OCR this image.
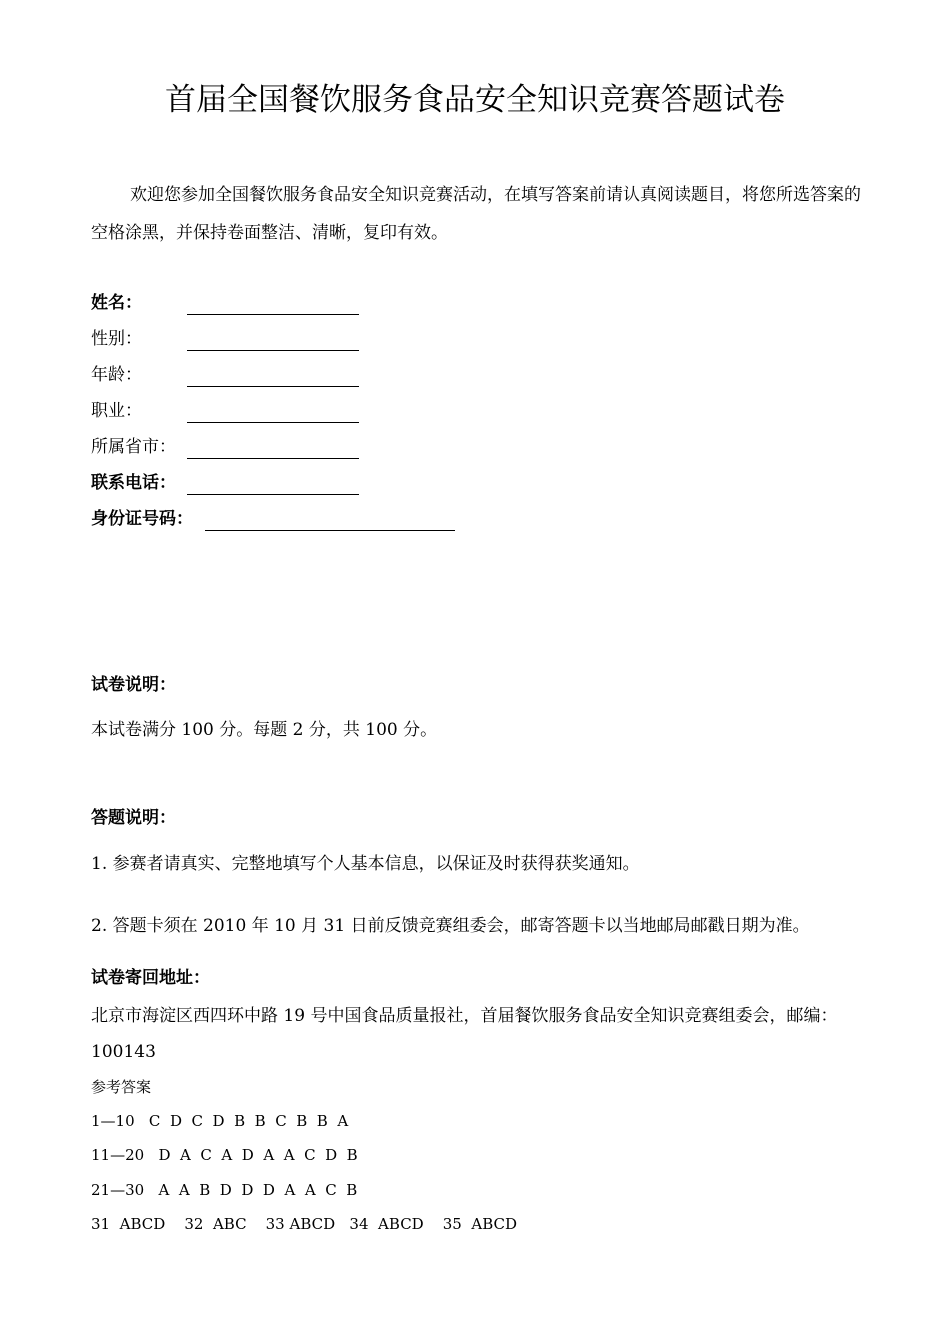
首届全国餐饮服务食品安全知识竞赛答题试卷
欢迎您参加全国餐饮服务食品安全知识竞赛活动，在填写答案前请认真阅读题目，将您所选答案的空格涂黑，并保持卷面整洁、清晰，复印有效。
姓名：
性别：
年龄：
职业：
所属省市：
联系电话：
身份证号码：
试卷说明：
本试卷满分 100 分。每题 2 分，共 100 分。
答题说明：
1. 参赛者请真实、完整地填写个人基本信息，以保证及时获得获奖通知。
2. 答题卡须在 2010 年 10 月 31 日前反馈竞赛组委会，邮寄答题卡以当地邮局邮戳日期为准。
试卷寄回地址：
北京市海淀区西四环中路 19 号中国食品质量报社，首届餐饮服务食品安全知识竞赛组委会，邮编：100143
参考答案
1—10   C  D  C  D  B  B  C  B  B  A
11—20   D  A  C  A  D  A  A  C  D  B
21—30   A  A  B  D  D  D  A  A  C  B
31  ABCD    32  ABC    33 ABCD   34  ABCD    35  ABCD
